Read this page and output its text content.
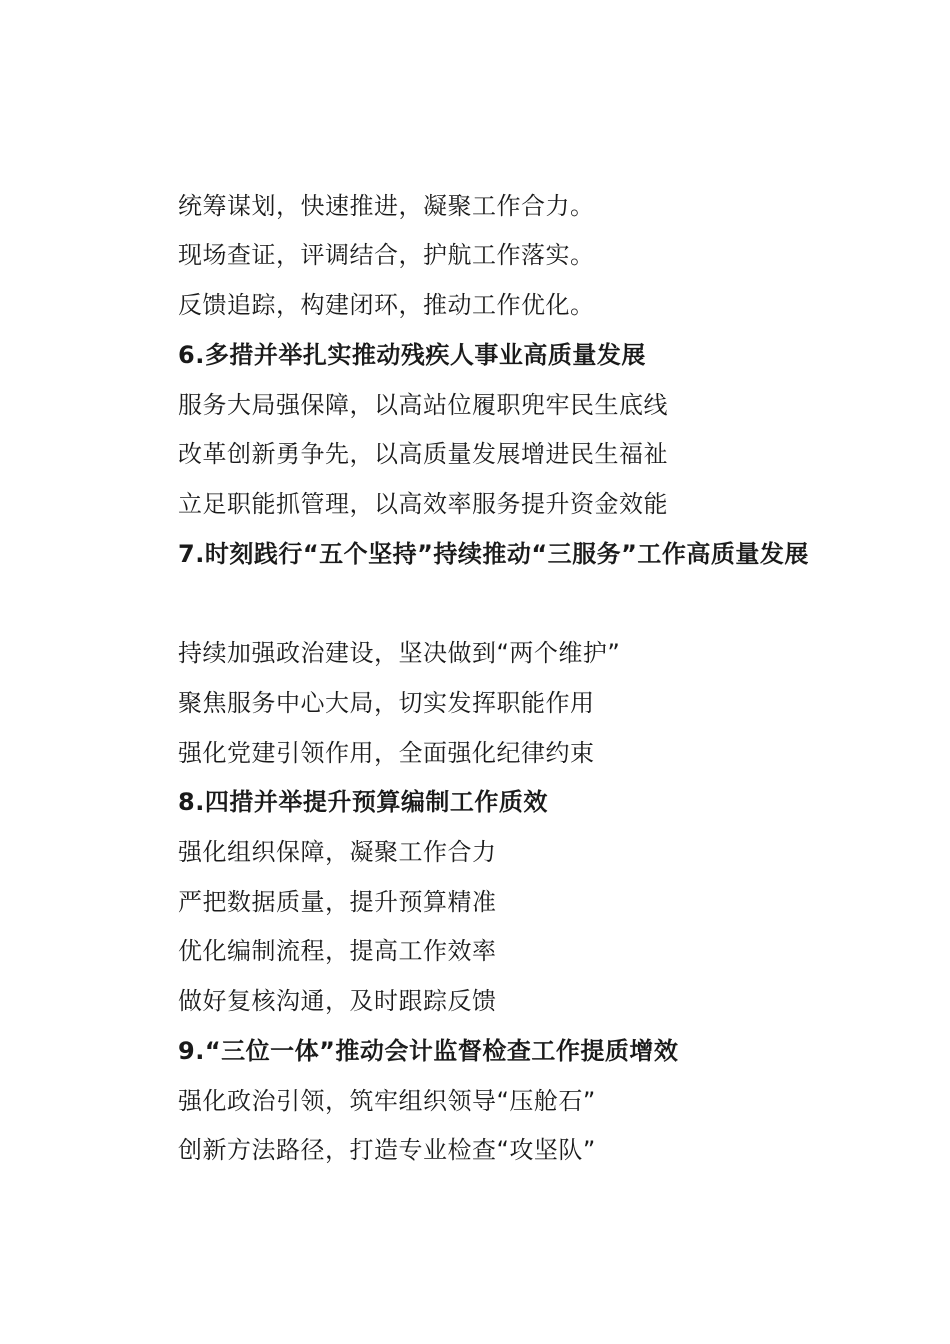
统筹谋划，快速推进，凝聚工作合力。
现场查证，评调结合，护航工作落实。
反馈追踪，构建闭环，推动工作优化。
6.多措并举扎实推动残疾人事业高质量发展
服务大局强保障，以高站位履职兜牢民生底线
改革创新勇争先，以高质量发展增进民生福祉
立足职能抓管理，以高效率服务提升资金效能
7.时刻践行“五个坚持”持续推动“三服务”工作高质量发展
持续加强政治建设，坚决做到“两个维护”
聚焦服务中心大局，切实发挥职能作用
强化党建引领作用，全面强化纪律约束
8.四措并举提升预算编制工作质效
强化组织保障，凝聚工作合力
严把数据质量，提升预算精准
优化编制流程，提高工作效率
做好复核沟通，及时跟踪反馈
9.“三位一体”推动会计监督检查工作提质增效
强化政治引领，筑牢组织领导“压舱石”
创新方法路径，打造专业检查“攻坚队”
